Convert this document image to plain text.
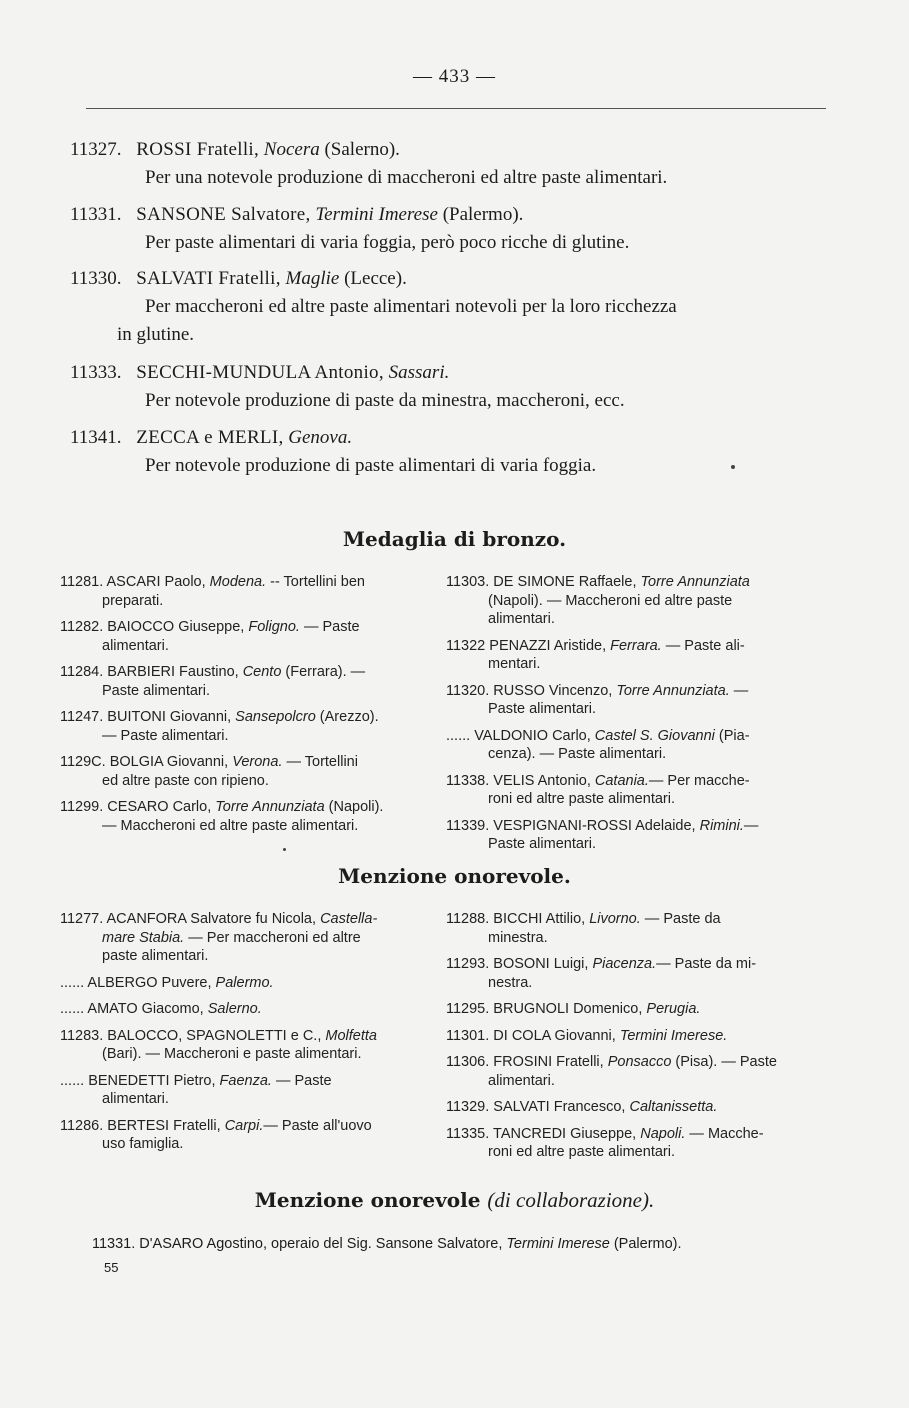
— 433 —
11327. ROSSI Fratelli, Nocera (Salerno).
Per una notevole produzione di maccheroni ed altre paste alimentari.
11331. SANSONE Salvatore, Termini Imerese (Palermo).
Per paste alimentari di varia foggia, però poco ricche di glutine.
11330. SALVATI Fratelli, Maglie (Lecce).
Per maccheroni ed altre paste alimentari notevoli per la loro ricchezza
in glutine.
11333. SECCHI-MUNDULA Antonio, Sassari.
Per notevole produzione di paste da minestra, maccheroni, ecc.
11341. ZECCA e MERLI, Genova.
Per notevole produzione di paste alimentari di varia foggia.
Medaglia di bronzo.
11281. ASCARI Paolo, Modena. -- Tortellini ben
preparati.
11282. BAIOCCO Giuseppe, Foligno. — Paste
alimentari.
11284. BARBIERI Faustino, Cento (Ferrara). —
Paste alimentari.
11247. BUITONI Giovanni, Sansepolcro (Arezzo).
— Paste alimentari.
1129C. BOLGIA Giovanni, Verona. — Tortellini
ed altre paste con ripieno.
11299. CESARO Carlo, Torre Annunziata (Napoli).
— Maccheroni ed altre paste alimentari.
11303. DE SIMONE Raffaele, Torre Annunziata
(Napoli). — Maccheroni ed altre paste
alimentari.
11322 PENAZZI Aristide, Ferrara. — Paste ali-
mentari.
11320. RUSSO Vincenzo, Torre Annunziata. —
Paste alimentari.
...... VALDONIO Carlo, Castel S. Giovanni (Pia-
cenza). — Paste alimentari.
11338. VELIS Antonio, Catania.— Per macche-
roni ed altre paste alimentari.
11339. VESPIGNANI-ROSSI Adelaide, Rimini.—
Paste alimentari.
Menzione onorevole.
11277. ACANFORA Salvatore fu Nicola, Castella-
mare Stabia. — Per maccheroni ed altre
paste alimentari.
...... ALBERGO Puvere, Palermo.
...... AMATO Giacomo, Salerno.
11283. BALOCCO, SPAGNOLETTI e C., Molfetta
(Bari). — Maccheroni e paste alimentari.
...... BENEDETTI Pietro, Faenza. — Paste
alimentari.
11286. BERTESI Fratelli, Carpi.— Paste all'uovo
uso famiglia.
11288. BICCHI Attilio, Livorno. — Paste da
minestra.
11293. BOSONI Luigi, Piacenza.— Paste da mi-
nestra.
11295. BRUGNOLI Domenico, Perugia.
11301. DI COLA Giovanni, Termini Imerese.
11306. FROSINI Fratelli, Ponsacco (Pisa). — Paste
alimentari.
11329. SALVATI Francesco, Caltanissetta.
11335. TANCREDI Giuseppe, Napoli. — Macche-
roni ed altre paste alimentari.
Menzione onorevole (di collaborazione).
11331. D'ASARO Agostino, operaio del Sig. Sansone Salvatore, Termini Imerese (Palermo).
55
